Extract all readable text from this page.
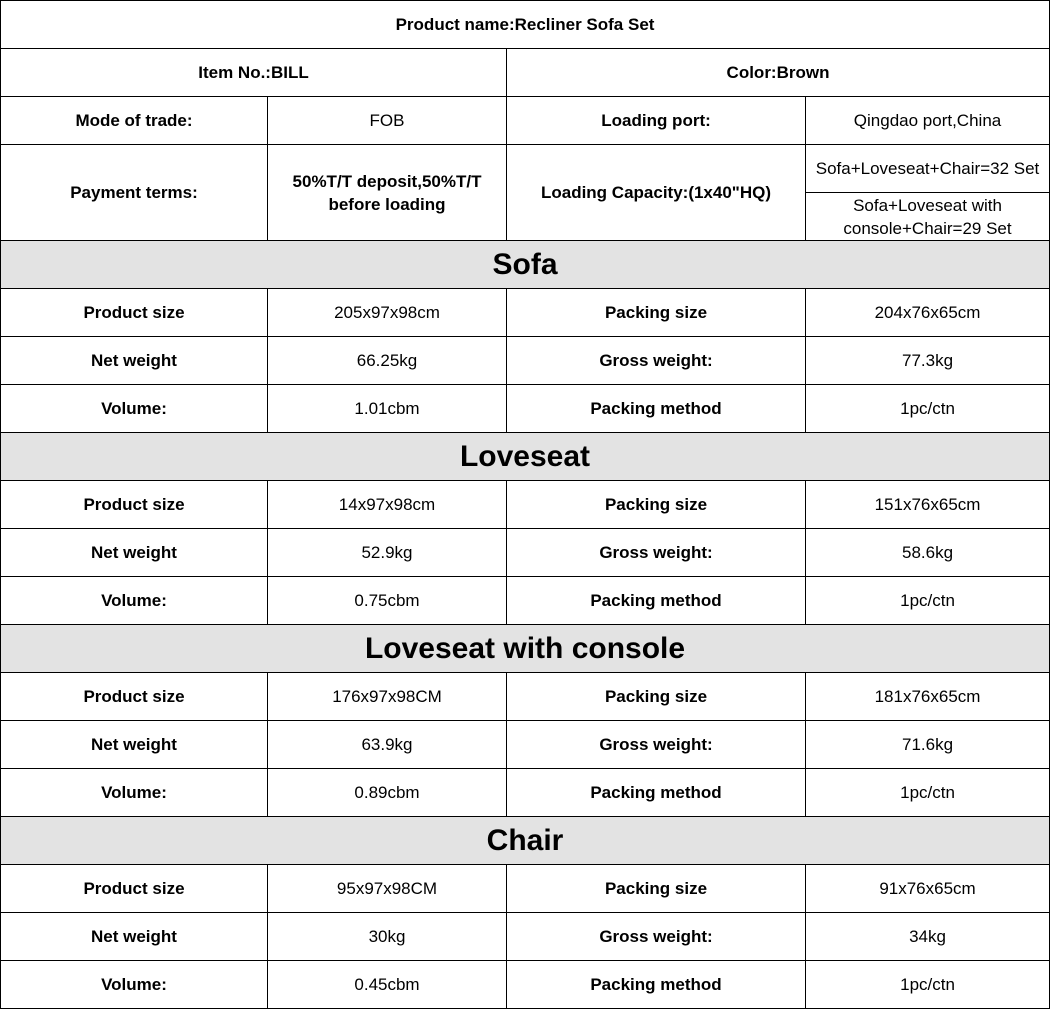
Product name:Recliner Sofa Set			
Item No.:BILL		Color:Brown	
Mode of trade:	FOB	Loading port:	Qingdao port,China
Payment terms:	50%T/T deposit,50%T/T before loading	Loading Capacity:(1x40"HQ)	Sofa+Loveseat+Chair=32 Set
			Sofa+Loveseat with console+Chair=29 Set
Sofa			
Product size	205x97x98cm	Packing size	204x76x65cm
Net weight	66.25kg	Gross weight:	77.3kg
Volume:	1.01cbm	Packing method	1pc/ctn
Loveseat			
Product size	14x97x98cm	Packing size	151x76x65cm
Net weight	52.9kg	Gross weight:	58.6kg
Volume:	0.75cbm	Packing method	1pc/ctn
Loveseat with console			
Product size	176x97x98CM	Packing size	181x76x65cm
Net weight	63.9kg	Gross weight:	71.6kg
Volume:	0.89cbm	Packing method	1pc/ctn
Chair			
Product size	95x97x98CM	Packing size	91x76x65cm
Net weight	30kg	Gross weight:	34kg
Volume:	0.45cbm	Packing method	1pc/ctn
